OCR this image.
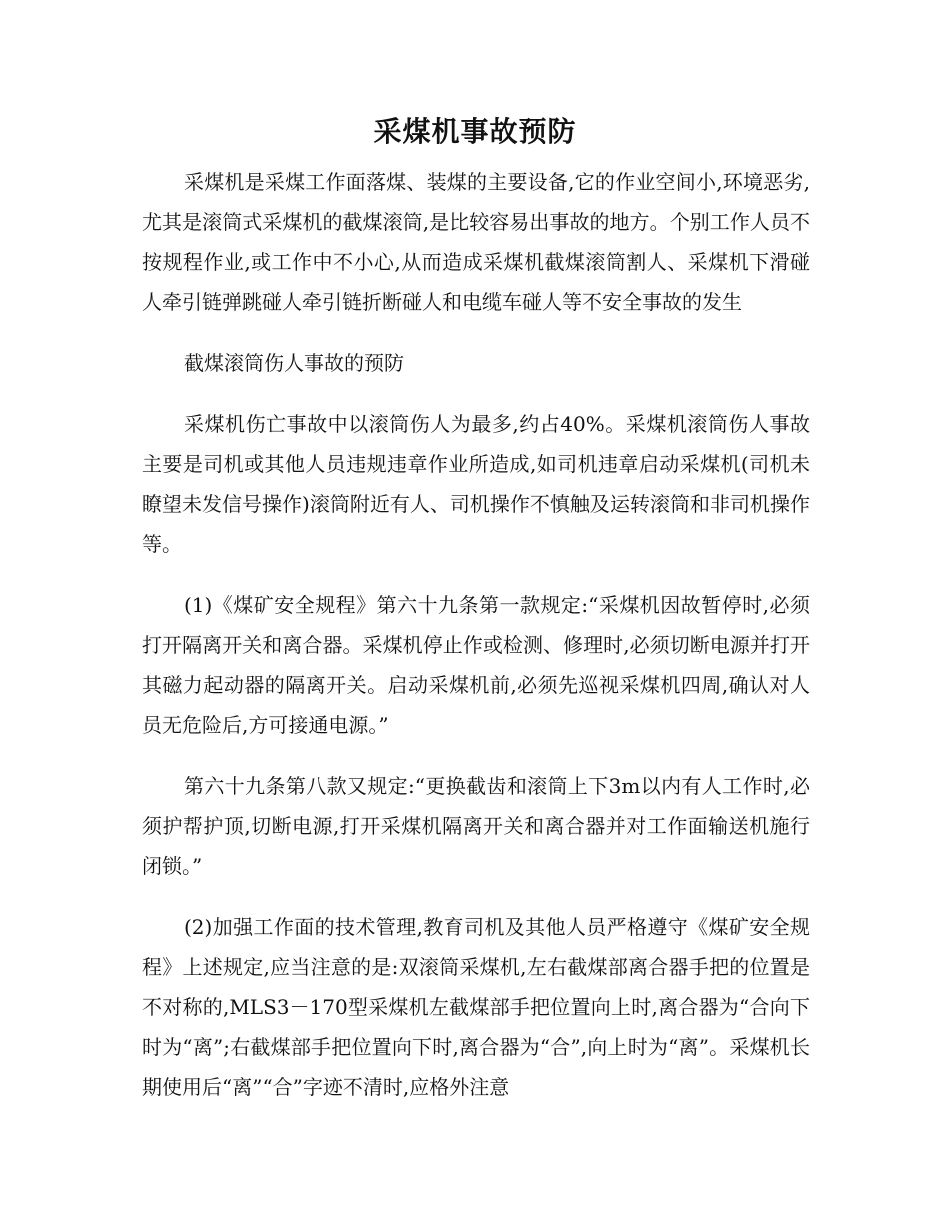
采煤机事故预防

采煤机是采煤工作面落煤、装煤的主要设备,它的作业空间小,环境恶劣,尤其是滚筒式采煤机的截煤滚筒,是比较容易出事故的地方。个别工作人员不按规程作业,或工作中不小心,从而造成采煤机截煤滚筒割人、采煤机下滑碰人牵引链弹跳碰人牵引链折断碰人和电缆车碰人等不安全事故的发生

截煤滚筒伤人事故的预防

采煤机伤亡事故中以滚筒伤人为最多,约占40%。采煤机滚筒伤人事故主要是司机或其他人员违规违章作业所造成,如司机违章启动采煤机(司机未瞭望未发信号操作)滚筒附近有人、司机操作不慎触及运转滚筒和非司机操作等。

(1)《煤矿安全规程》第六十九条第一款规定:“采煤机因故暂停时,必须打开隔离开关和离合器。采煤机停止作或检测、修理时,必须切断电源并打开其磁力起动器的隔离开关。启动采煤机前,必须先巡视采煤机四周,确认对人员无危险后,方可接通电源。”

第六十九条第八款又规定:“更换截齿和滚筒上下3m以内有人工作时,必须护帮护顶,切断电源,打开采煤机隔离开关和离合器并对工作面输送机施行闭锁。”

(2)加强工作面的技术管理,教育司机及其他人员严格遵守《煤矿安全规程》上述规定,应当注意的是:双滚筒采煤机,左右截煤部离合器手把的位置是不对称的,MLS3－170型采煤机左截煤部手把位置向上时,离合器为“合向下时为“离”;右截煤部手把位置向下时,离合器为“合”,向上时为“离”。采煤机长期使用后“离”“合”字迹不清时,应格外注意
